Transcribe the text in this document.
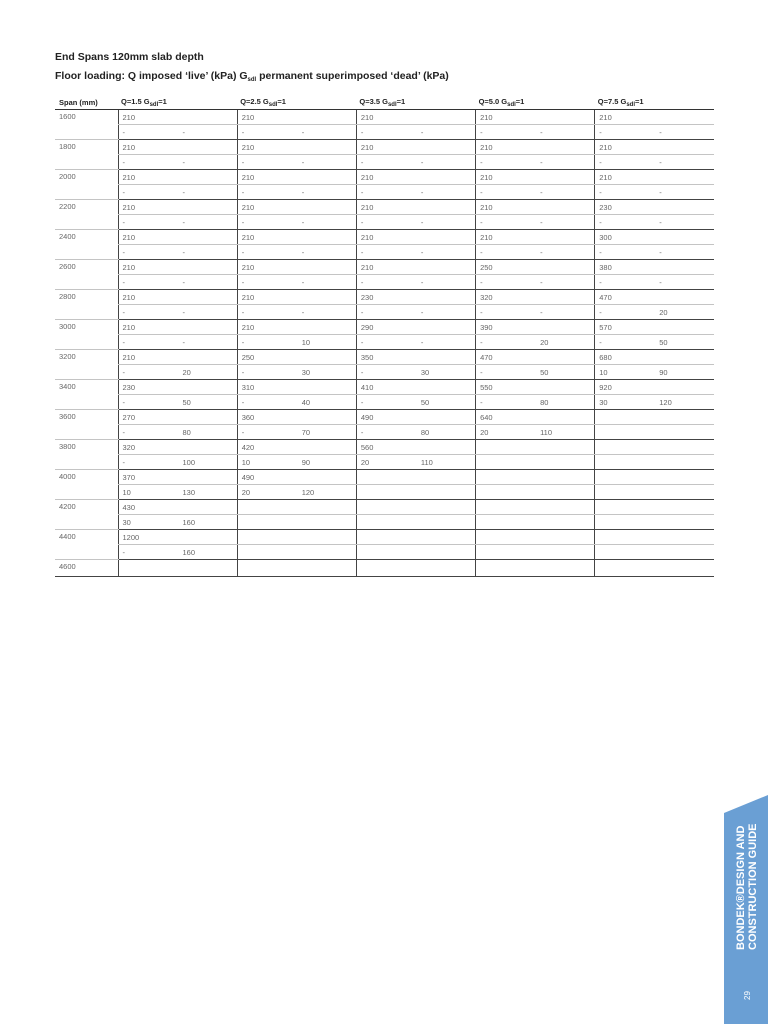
End Spans 120mm slab depth

Floor loading: Q imposed ‘live’ (kPa) $G_{sdl}$ permanent superimposed ‘dead’ (kPa)

Span (mm)	Q=1.5 $G_{sdl}=1$	Q=2.5 $G_{sdl}=1$	Q=3.5 $G_{sdl}=1$	Q=5.0 $G_{sdl}=1$	Q=7.5 $G_{sdl}=1$
1600	210	210	210	210	210

	- -	- -	- -	- -	- -

1800	210	210	210	210	210

	- -	- -	- -	- -	- -

2000	210	210	210	210	210

	- -	- -	- -	- -	- -

2200	210	210	210	210	230

	- -	- -	- -	- -	- -

2400	210	210	210	210	300

	- -	- -	- -	- -	- -

2600	210	210	210	250	380

	- -	- -	- -	- -	- -

2800	210	210	230	320	470

	- -	- -	- -	- -	- 20

3000	210	210	290	390	570

	- -	- 10	- -	- 20	- 50

3200	210	250	350	470	680

	- 20	- 30	- 30	- 50	10 90

3400	230	310	410	550	920

	- 50	- 40	- 50	- 80	30 120

3600	270	360	490	640	

	- 80	- 70	- 80	20 110	

3800	320	420	560		

	- 100	10 90	20 110		

4000	370	490			

	10 130	20 120			

4200	430				

	30 160				

4400	1200				

	- 160				

4600					
BONDEK®DESIGN AND CONSTRUCTION GUIDE
29
